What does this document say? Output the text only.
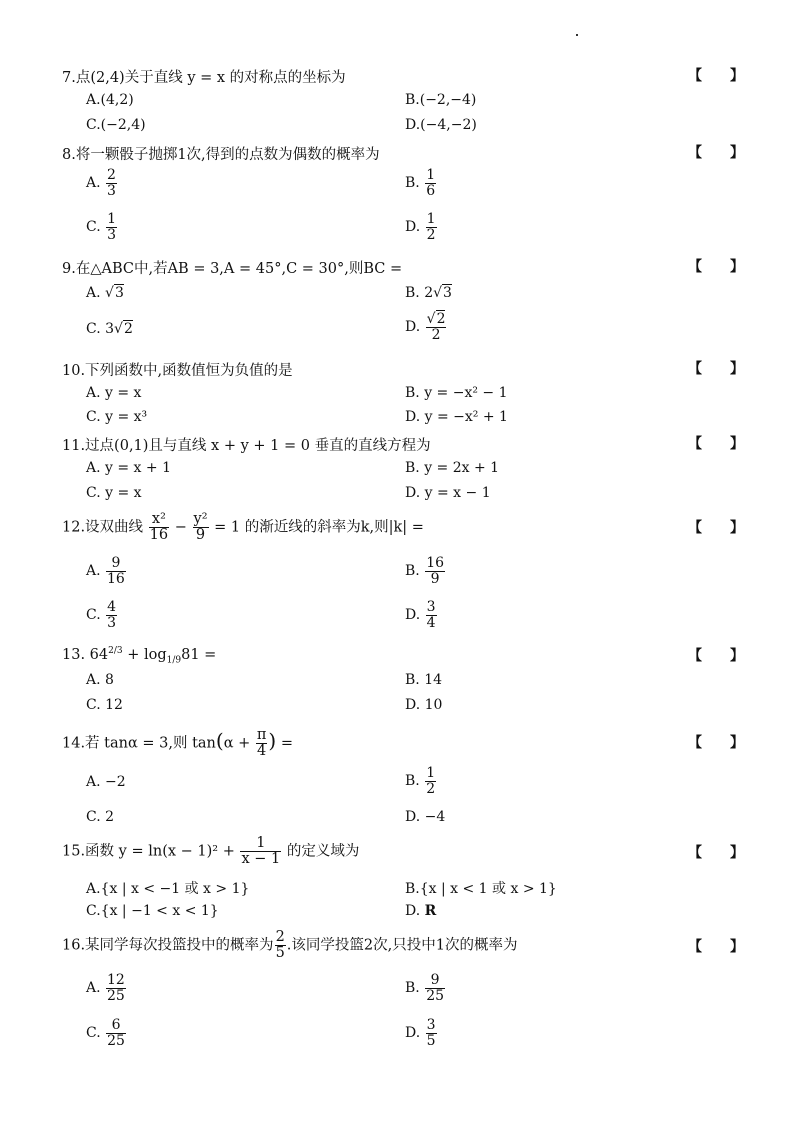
7.点(2,4)关于直线 y = x 的对称点的坐标为	【 】
A.(4,2)	B.(−2,−4)
C.(−2,4)	D.(−4,−2)
8.将一颗骰子抛掷1次,得到的点数为偶数的概率为	【 】
A. $\frac{2}{3}$	B. $\frac{1}{6}$
C. $\frac{1}{3}$	D. $\frac{1}{2}$
9.在△ABC中,若AB = 3,A = 45°,C = 30°,则BC =	【 】
A. √3	B. 2√3
C. 3√2	D. $\frac{√2}{2}$
10.下列函数中,函数值恒为负值的是	【 】
A. y = x	B. y = −x² − 1
C. y = x³	D. y = −x² + 1
11.过点(0,1)且与直线 x + y + 1 = 0 垂直的直线方程为	【 】
A. y = x + 1	B. y = 2x + 1
C. y = x	D. y = x − 1
12.设双曲线 $\frac{\text{x²}}{16} - \frac{\text{y²}}{9} = 1$ 的渐近线的斜率为k,则|k| =	【 】
A. $\frac{9}{16}$	B. $\frac{16}{9}$
C. $\frac{4}{3}$	D. $\frac{3}{4}$
13. $64^{2/3} + \log_{1/9}81$ =	【 】
A. 8	B. 14
C. 12	D. 10
14.若 tanα = 3,则 $\tan(\alpha + \frac{\pi}{4}$ ) =	【 】
A. −2	B. $\frac{1}{2}$
C. 2	D. −4
15.函数 $y = \ln(x - 1)^2 + \frac{1}{x - 1}$ 的定义域为	【 】
A.{x | x < −1 或 x > 1}	B.{x | x < 1 或 x > 1}
C.{x | −1 < x < 1}	D. R
16.某同学每次投篮投中的概率为 $\frac{2}{5}$ .该同学投篮2次,只投中1次的概率为	【 】
A. $\frac{12}{25}$	B. $\frac{9}{25}$
C. $\frac{6}{25}$	D. $\frac{3}{5}$
